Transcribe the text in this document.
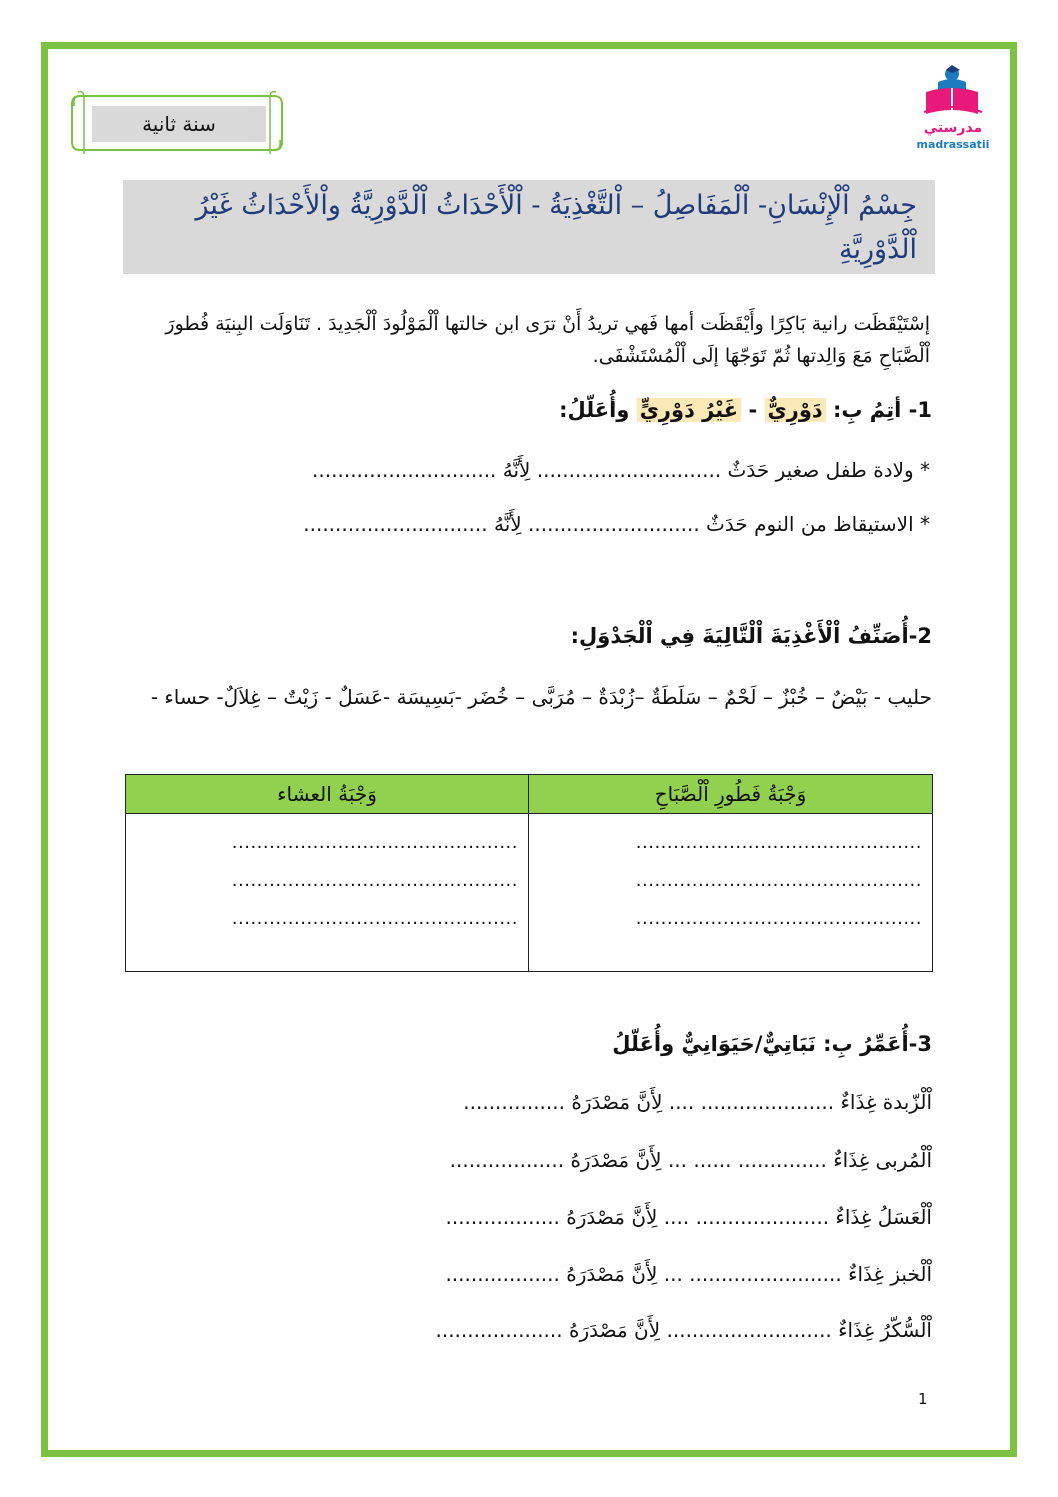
سنة ثانية	مدرستي
madrassatii
جِسْمُ اْلْإِنْسَانِ- اْلْمَفَاصِلُ – اْلتَّغْذِيَةُ - اْلْأَحْدَاثُ اْلْدَّوْرِيَّةُ واْلأَحْدَاثُ غَيْرُ اْلْدَّوْرِيَّةِ
إسْتَيْقَظَت رانية بَاكِرًا وأَيْقَظَت أمها فَهي تريدُ أَنْ ترَى ابن خالتها اْلْمَوْلُودَ اْلْجَدِيدَ . تَنَاوَلَت البِنيَة فُطورَ اْلْصَّبَاحِ مَعَ وَالِدتها ثُمّ تَوَجّهَا إلَى اْلْمُسْتَشْفَى.
1- أتِمُ بِ: دَوْرِيٌّ - غَيْرُ دَوْرِيٍّ وأُعَلّلُ:
* ولادة طفل صغير حَدَثٌ ............................. لِأَنَّهُ .............................
* الاستيقاظ من النوم حَدَثٌ ........................... لِأَنَّهُ .............................
2-أُصَنِّفُ اْلْأَغْذِيَةَ اْلْتَّالِيَةَ فِي اْلْجَدْوَلِ:
حليب - بَيْضٌ – خُبْزٌ – لَحْمٌ – سَلَطَةٌ –زُبْدَةٌ – مُرَبَّى – خُضَر -بَسِيسَة -عَسَلٌ - زَيْتٌ – غِلاَلٌ- حساء -
وَجْبَةُ فَطُورِ اْلْصَّبَاحِ
..............................................
..............................................
..............................................
وَجْبَةُ العشاء
..............................................
..............................................
..............................................
3-أُعَمِّرُ بِ: نَبَاتِيٌّ/حَيَوَانِيٌّ وأُعَلّلُ
اْلْزّبدة غِذَاءٌ ..................... .... لِأَنَّ مَصْدَرَهُ ................
اْلْمُربى غِذَاءٌ .............. ...... ... لِأَنَّ مَصْدَرَهُ ..................
اْلْعَسَلُ غِذَاءٌ ..................... .... لِأَنَّ مَصْدَرَهُ ..................
اْلْخبز غِذَاءٌ ........................ ... لِأَنَّ مَصْدَرَهُ ..................
اْلْسُّكّرُ غِذَاءٌ .......................... لِأَنَّ مَصْدَرَهُ ....................
1
